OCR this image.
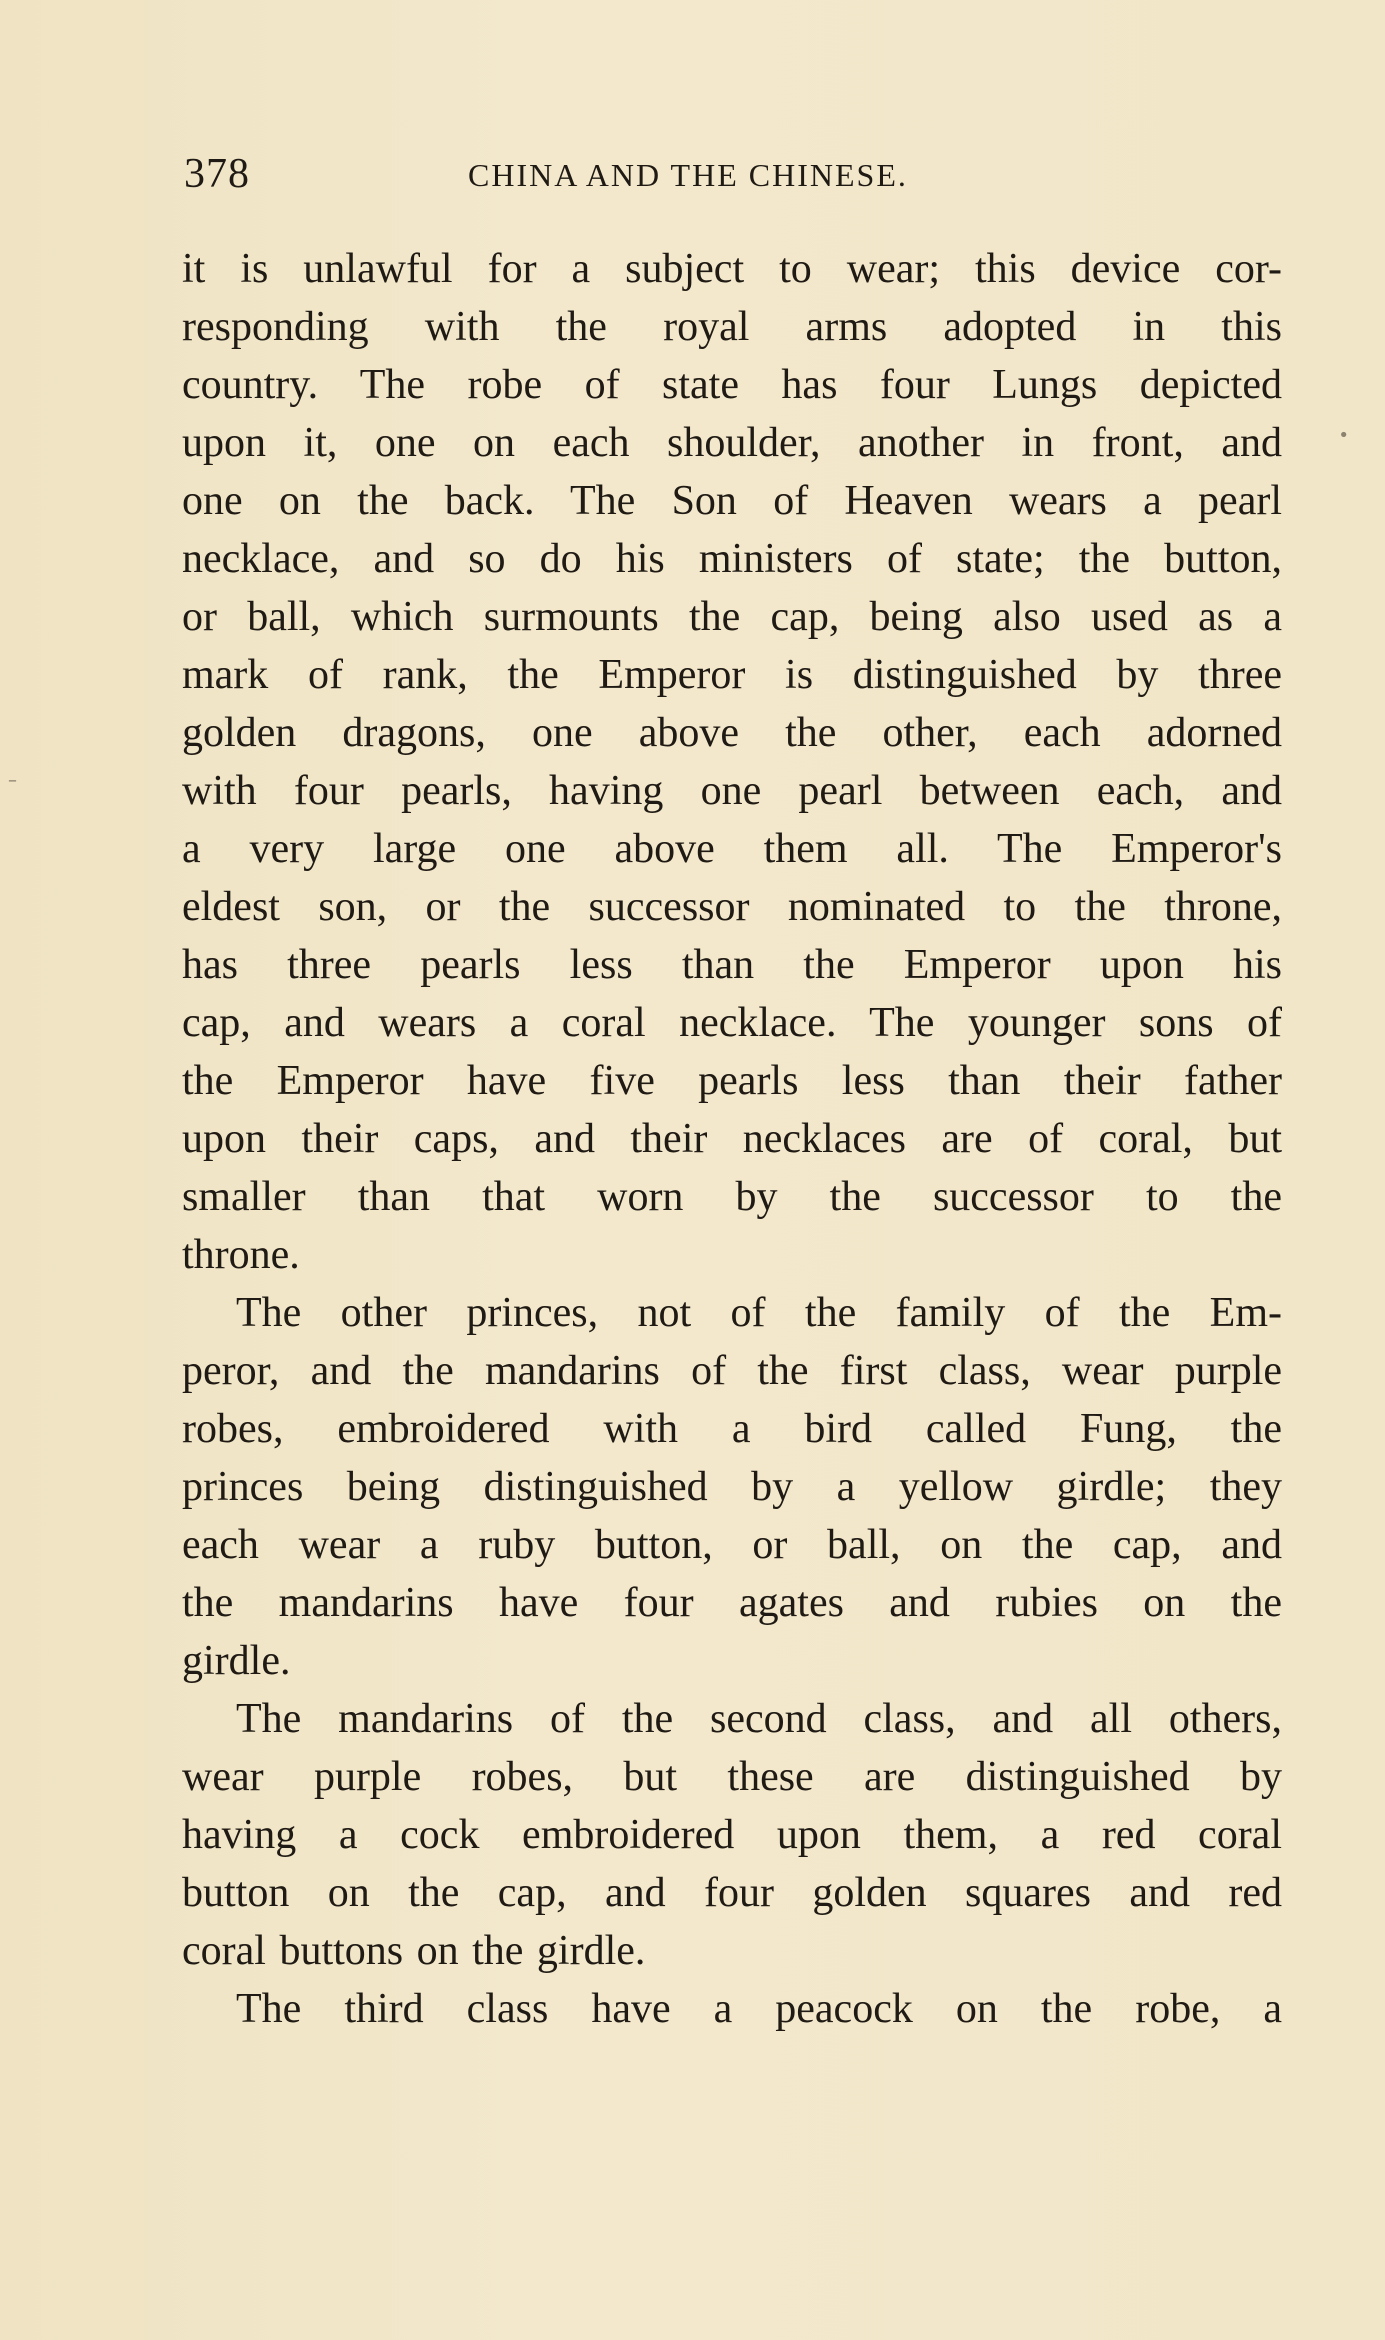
378	CHINA AND THE CHINESE.
it is unlawful for a subject to wear; this device cor-
responding with the royal arms adopted in this
country. The robe of state has four Lungs depicted
upon it, one on each shoulder, another in front, and
one on the back. The Son of Heaven wears a pearl
necklace, and so do his ministers of state; the button,
or ball, which surmounts the cap, being also used as a
mark of rank, the Emperor is distinguished by three
golden dragons, one above the other, each adorned
with four pearls, having one pearl between each, and
a very large one above them all. The Emperor's
eldest son, or the successor nominated to the throne,
has three pearls less than the Emperor upon his
cap, and wears a coral necklace. The younger sons of
the Emperor have five pearls less than their father
upon their caps, and their necklaces are of coral, but
smaller than that worn by the successor to the
throne.
The other princes, not of the family of the Em-
peror, and the mandarins of the first class, wear purple
robes, embroidered with a bird called Fung, the
princes being distinguished by a yellow girdle; they
each wear a ruby button, or ball, on the cap, and
the mandarins have four agates and rubies on the
girdle.
The mandarins of the second class, and all others,
wear purple robes, but these are distinguished by
having a cock embroidered upon them, a red coral
button on the cap, and four golden squares and red
coral buttons on the girdle.
The third class have a peacock on the robe, a
•
–
